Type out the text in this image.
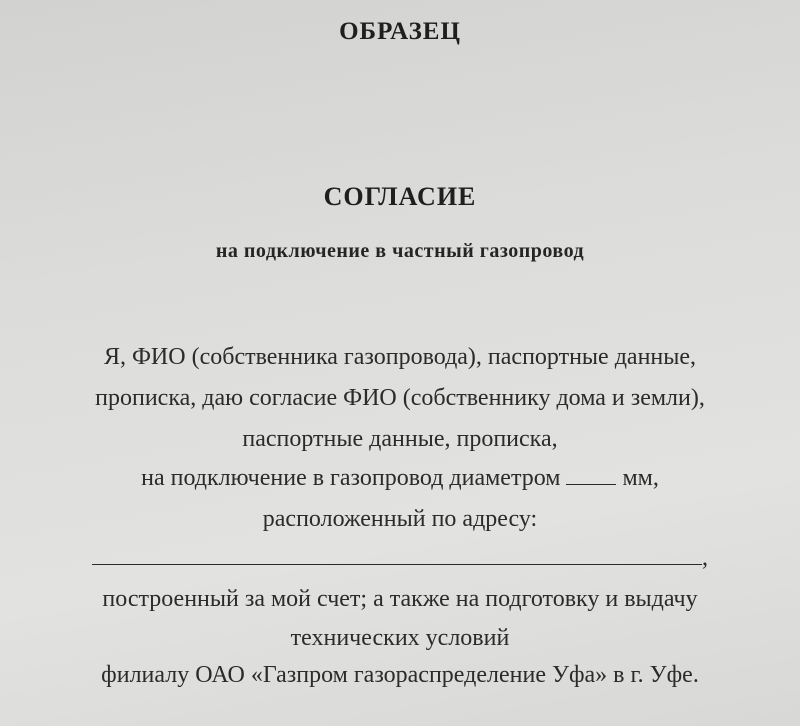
ОБРАЗЕЦ
СОГЛАСИЕ
на подключение в частный газопровод
Я, ФИО (собственника газопровода), паспортные данные,
прописка, даю согласие ФИО (собственнику дома и земли),
паспортные данные, прописка,
на подключение в газопровод диаметром	мм,
расположенный по адресу:
,
построенный за мой счет; а также на подготовку и выдачу
технических условий
филиалу ОАО «Газпром газораспределение Уфа» в г. Уфе.
